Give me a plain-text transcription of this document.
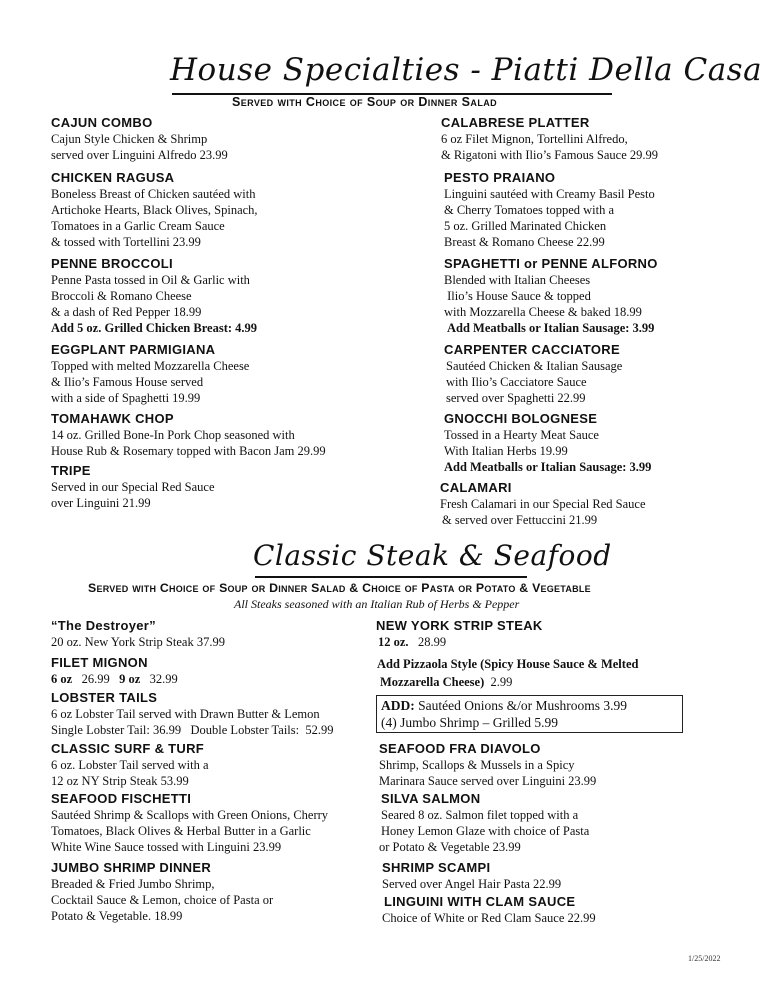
House Specialties - Piatti Della Casa
Served with Choice of Soup or Dinner Salad
CAJUN COMBO
Cajun Style Chicken & Shrimp
served over Linguini Alfredo 23.99
CHICKEN RAGUSA
Boneless Breast of Chicken sautéed with
Artichoke Hearts, Black Olives, Spinach,
Tomatoes in a Garlic Cream Sauce
& tossed with Tortellini 23.99
PENNE BROCCOLI
Penne Pasta tossed in Oil & Garlic with
Broccoli & Romano Cheese
& a dash of Red Pepper 18.99
Add 5 oz. Grilled Chicken Breast: 4.99
EGGPLANT PARMIGIANA
Topped with melted Mozzarella Cheese
& Ilio’s Famous House served
with a side of Spaghetti 19.99
TOMAHAWK CHOP
14 oz. Grilled Bone-In Pork Chop seasoned with
House Rub & Rosemary topped with Bacon Jam 29.99
TRIPE
Served in our Special Red Sauce
over Linguini 21.99
CALABRESE PLATTER
6 oz Filet Mignon, Tortellini Alfredo,
& Rigatoni with Ilio’s Famous Sauce 29.99
PESTO PRAIANO
Linguini sautéed with Creamy Basil Pesto
& Cherry Tomatoes topped with a
5 oz. Grilled Marinated Chicken
Breast & Romano Cheese 22.99
SPAGHETTI or PENNE ALFORNO
Blended with Italian Cheeses
Ilio’s House Sauce & topped
with Mozzarella Cheese & baked 18.99
Add Meatballs or Italian Sausage: 3.99
CARPENTER CACCIATORE
Sautéed Chicken & Italian Sausage
with Ilio’s Cacciatore Sauce
served over Spaghetti 22.99
GNOCCHI BOLOGNESE
Tossed in a Hearty Meat Sauce
With Italian Herbs 19.99
Add Meatballs or Italian Sausage: 3.99
CALAMARI
Fresh Calamari in our Special Red Sauce
& served over Fettuccini 21.99
Classic Steak & Seafood
Served with Choice of Soup or Dinner Salad & Choice of Pasta or Potato & Vegetable
All Steaks seasoned with an Italian Rub of Herbs & Pepper
“The Destroyer”
20 oz. New York Strip Steak 37.99
FILET MIGNON
6 oz 26.99 9 oz 32.99
LOBSTER TAILS
6 oz Lobster Tail served with Drawn Butter & Lemon
Single Lobster Tail: 36.99   Double Lobster Tails:  52.99
CLASSIC SURF & TURF
6 oz. Lobster Tail served with a
12 oz NY Strip Steak 53.99
SEAFOOD FISCHETTI
Sautéed Shrimp & Scallops with Green Onions, Cherry
Tomatoes, Black Olives & Herbal Butter in a Garlic
White Wine Sauce tossed with Linguini 23.99
JUMBO SHRIMP DINNER
Breaded & Fried Jumbo Shrimp,
Cocktail Sauce & Lemon, choice of Pasta or
Potato & Vegetable. 18.99
NEW YORK STRIP STEAK
12 oz. 28.99
Add Pizzaola Style (Spicy House Sauce & Melted
Mozzarella Cheese) 2.99
ADD: Sautéed Onions &/or Mushrooms 3.99
(4) Jumbo Shrimp – Grilled 5.99
SEAFOOD FRA DIAVOLO
Shrimp, Scallops & Mussels in a Spicy
Marinara Sauce served over Linguini 23.99
SILVA SALMON
Seared 8 oz. Salmon filet topped with a
Honey Lemon Glaze with choice of Pasta
or Potato & Vegetable 23.99
SHRIMP SCAMPI
Served over Angel Hair Pasta 22.99
LINGUINI WITH CLAM SAUCE
Choice of White or Red Clam Sauce 22.99
1/25/2022
